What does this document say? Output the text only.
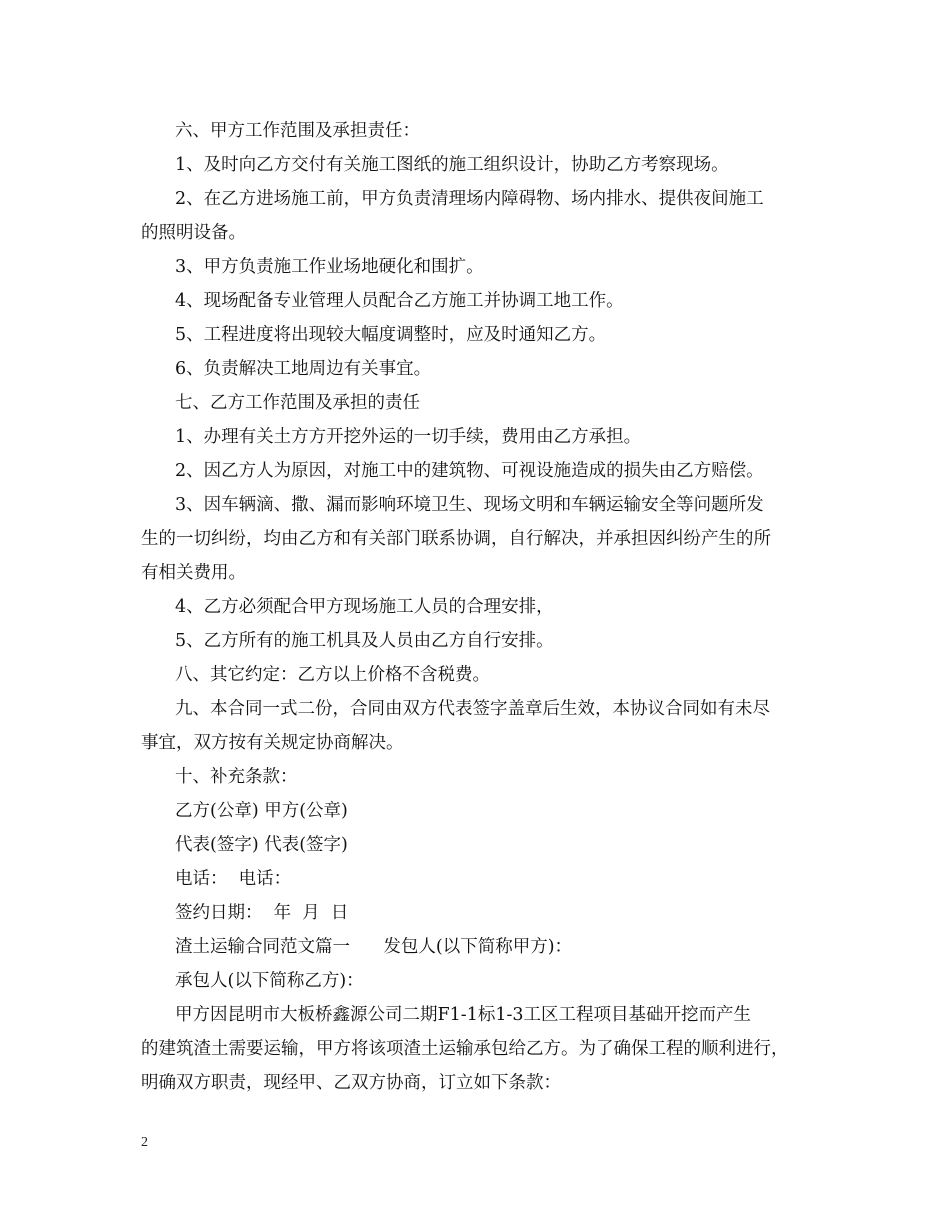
六、甲方工作范围及承担责任：
1、及时向乙方交付有关施工图纸的施工组织设计，协助乙方考察现场。
2、在乙方进场施工前，甲方负责清理场内障碍物、场内排水、提供夜间施工
的照明设备。
3、甲方负责施工作业场地硬化和围扩。
4、现场配备专业管理人员配合乙方施工并协调工地工作。
5、工程进度将出现较大幅度调整时，应及时通知乙方。
6、负责解决工地周边有关事宜。
七、乙方工作范围及承担的责任
1、办理有关土方方开挖外运的一切手续，费用由乙方承担。
2、因乙方人为原因，对施工中的建筑物、可视设施造成的损失由乙方赔偿。
3、因车辆滴、撒、漏而影响环境卫生、现场文明和车辆运输安全等问题所发
生的一切纠纷，均由乙方和有关部门联系协调，自行解决，并承担因纠纷产生的所
有相关费用。
4、乙方必须配合甲方现场施工人员的合理安排，
5、乙方所有的施工机具及人员由乙方自行安排。
八、其它约定：乙方以上价格不含税费。
九、本合同一式二份，合同由双方代表签字盖章后生效，本协议合同如有未尽
事宜，双方按有关规定协商解决。
十、补充条款：
乙方(公章) 甲方(公章)
代表(签字) 代表(签字)
电话：  电话：
签约日期：  年  月  日
渣土运输合同范文篇一      发包人(以下简称甲方)：
承包人(以下简称乙方)：
甲方因昆明市大板桥鑫源公司二期F1-1标1-3工区工程项目基础开挖而产生
的建筑渣土需要运输，甲方将该项渣土运输承包给乙方。为了确保工程的顺利进行，
明确双方职责，现经甲、乙双方协商，订立如下条款：
2
